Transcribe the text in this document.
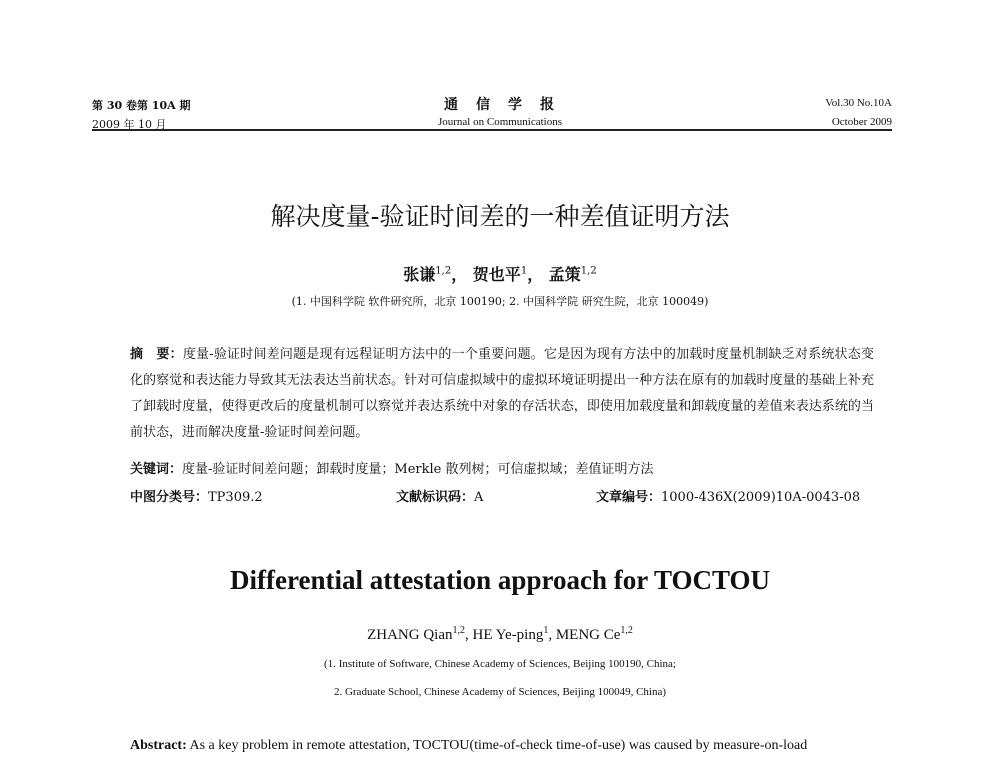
第 30 卷第 10A 期
2009 年 10 月
通　信　学　报
Journal on Communications
Vol.30 No.10A
October 2009
解决度量-验证时间差的一种差值证明方法
张谦$^{1,2}$， 贺也平$^1$， 孟策$^{1,2}$
(1. 中国科学院 软件研究所，北京 100190; 2. 中国科学院 研究生院，北京 100049)
摘　要：度量-验证时间差问题是现有远程证明方法中的一个重要问题。它是因为现有方法中的加载时度量机制缺乏对系统状态变化的察觉和表达能力导致其无法表达当前状态。针对可信虚拟域中的虚拟环境证明提出一种方法在原有的加载时度量的基础上补充了卸载时度量，使得更改后的度量机制可以察觉并表达系统中对象的存活状态，即使用加载度量和卸载度量的差值来表达系统的当前状态，进而解决度量-验证时间差问题。
关键词：度量-验证时间差问题；卸载时度量；Merkle 散列树；可信虚拟域；差值证明方法
中图分类号：TP309.2	文献标识码：A	文章编号：1000-436X(2009)10A-0043-08
Differential attestation approach for TOCTOU
ZHANG Qian$^{1,2}$, HE Ye-ping$^1$, MENG Ce$^{1,2}$
(1. Institute of Software, Chinese Academy of Sciences, Beijing 100190, China;
2. Graduate School, Chinese Academy of Sciences, Beijing 100049, China)
Abstract: As a key problem in remote attestation, TOCTOU(time-of-check time-of-use) was caused by measure-on-load
